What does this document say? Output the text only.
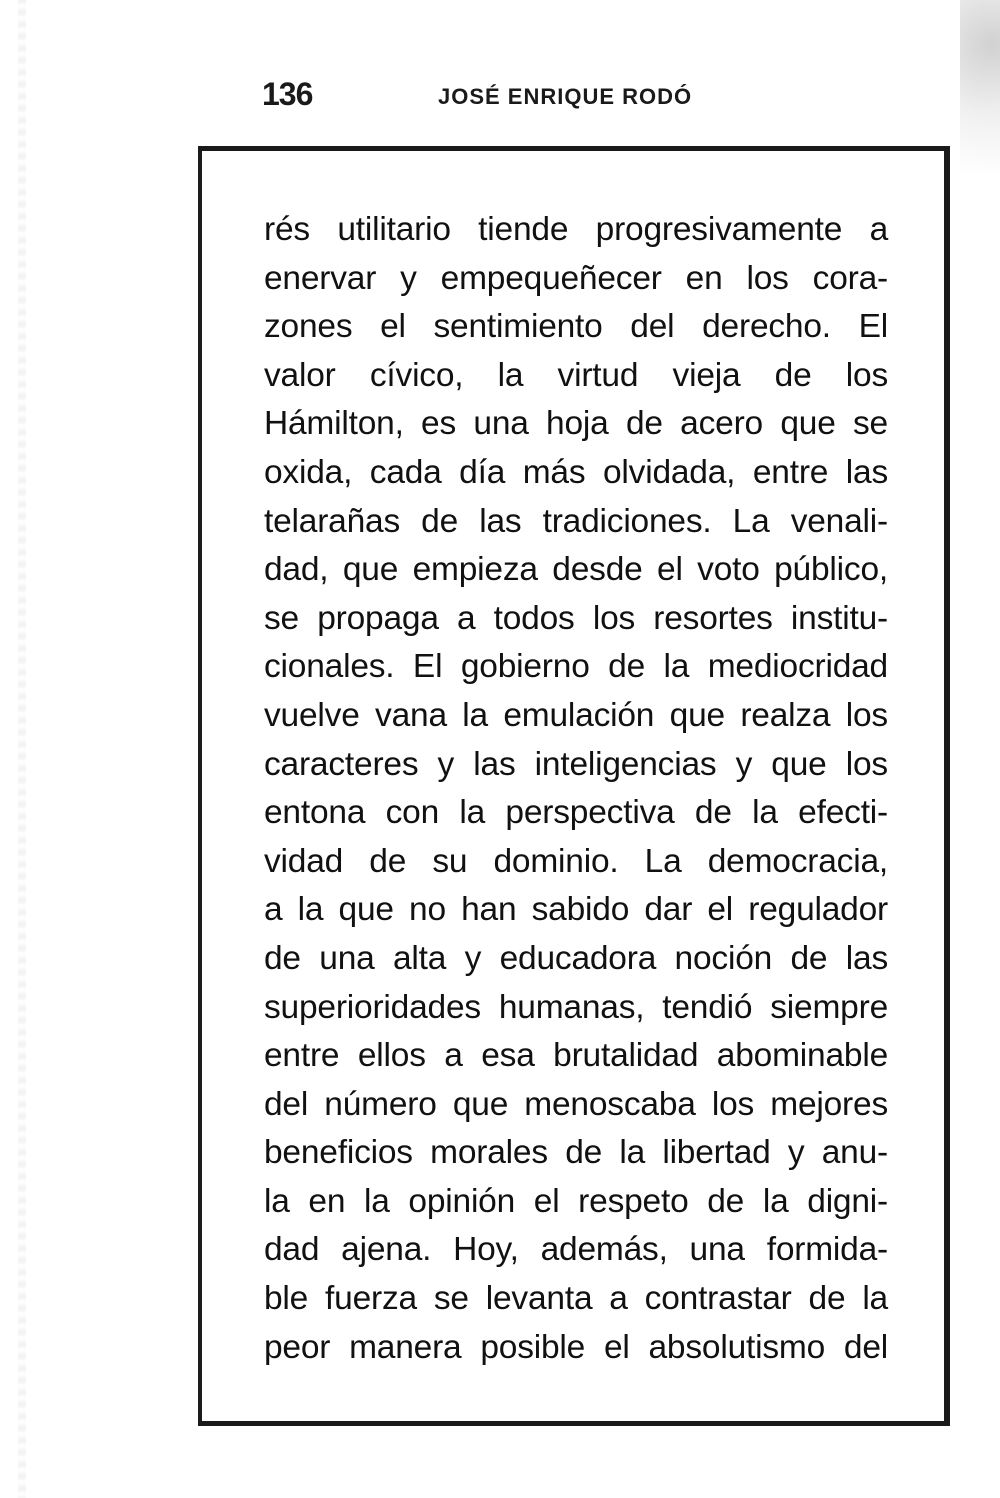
136	JOSÉ ENRIQUE RODÓ
rés utilitario tiende progresivamente a
enervar y empequeñecer en los cora-
zones el sentimiento del derecho. El
valor cívico, la virtud vieja de los
Hámilton, es una hoja de acero que se
oxida, cada día más olvidada, entre las
telarañas de las tradiciones. La venali-
dad, que empieza desde el voto público,
se propaga a todos los resortes institu-
cionales. El gobierno de la mediocridad
vuelve vana la emulación que realza los
caracteres y las inteligencias y que los
entona con la perspectiva de la efecti-
vidad de su dominio. La democracia,
a la que no han sabido dar el regulador
de una alta y educadora noción de las
superioridades humanas, tendió siempre
entre ellos a esa brutalidad abominable
del número que menoscaba los mejores
beneficios morales de la libertad y anu-
la en la opinión el respeto de la digni-
dad ajena. Hoy, además, una formida-
ble fuerza se levanta a contrastar de la
peor manera posible el absolutismo del
